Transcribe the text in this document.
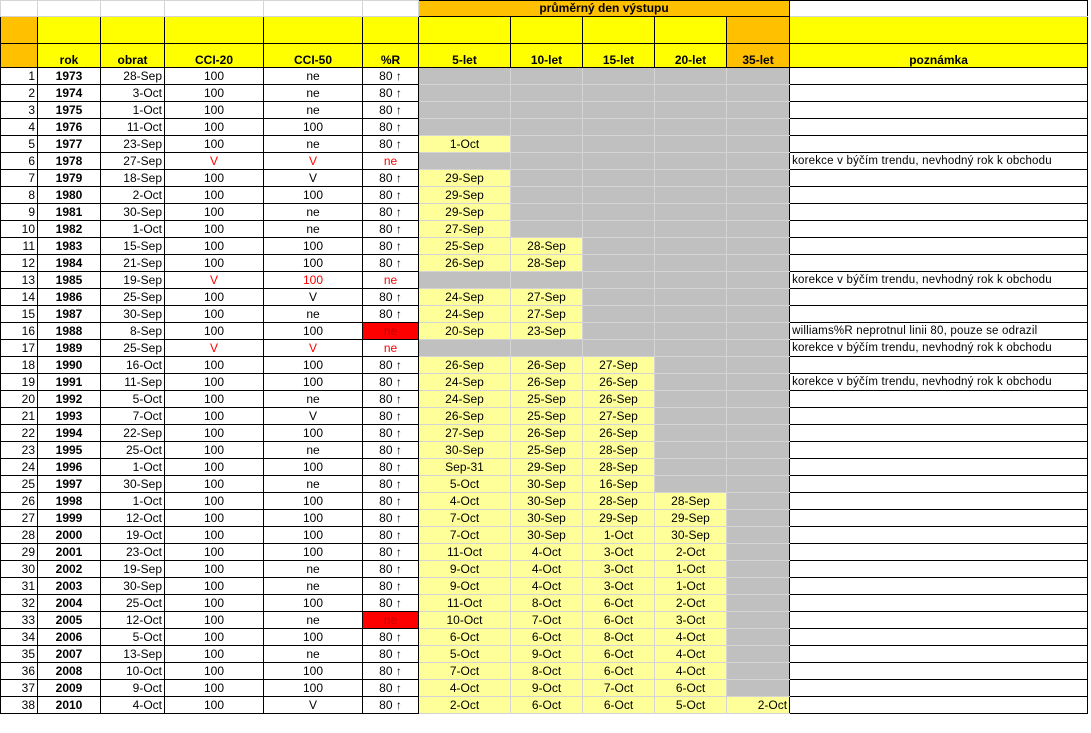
						průměrný den výstupu					

	rok	obrat	CCI-20	CCI-50	%R	5-let	10-let	15-let	20-let	35-let	poznámka
1	1973	28-Sep	100	ne	80 ↑						
2	1974	3-Oct	100	ne	80 ↑						
3	1975	1-Oct	100	ne	80 ↑						
4	1976	11-Oct	100	100	80 ↑						
5	1977	23-Sep	100	ne	80 ↑	1-Oct					
6	1978	27-Sep	V	V	ne						korekce v býčím trendu, nevhodný rok k obchodu
7	1979	18-Sep	100	V	80 ↑	29-Sep					
8	1980	2-Oct	100	100	80 ↑	29-Sep					
9	1981	30-Sep	100	ne	80 ↑	29-Sep					
10	1982	1-Oct	100	ne	80 ↑	27-Sep					
11	1983	15-Sep	100	100	80 ↑	25-Sep	28-Sep				
12	1984	21-Sep	100	100	80 ↑	26-Sep	28-Sep				
13	1985	19-Sep	V	100	ne						korekce v býčím trendu, nevhodný rok k obchodu
14	1986	25-Sep	100	V	80 ↑	24-Sep	27-Sep				
15	1987	30-Sep	100	ne	80 ↑	24-Sep	27-Sep				
16	1988	8-Sep	100	100	ne	20-Sep	23-Sep				williams%R neprotnul linii 80, pouze se odrazil
17	1989	25-Sep	V	V	ne						korekce v býčím trendu, nevhodný rok k obchodu
18	1990	16-Oct	100	100	80 ↑	26-Sep	26-Sep	27-Sep			
19	1991	11-Sep	100	100	80 ↑	24-Sep	26-Sep	26-Sep			korekce v býčím trendu, nevhodný rok k obchodu
20	1992	5-Oct	100	ne	80 ↑	24-Sep	25-Sep	26-Sep			
21	1993	7-Oct	100	V	80 ↑	26-Sep	25-Sep	27-Sep			
22	1994	22-Sep	100	100	80 ↑	27-Sep	26-Sep	26-Sep			
23	1995	25-Oct	100	ne	80 ↑	30-Sep	25-Sep	28-Sep			
24	1996	1-Oct	100	100	80 ↑	Sep-31	29-Sep	28-Sep			
25	1997	30-Sep	100	ne	80 ↑	5-Oct	30-Sep	16-Sep			
26	1998	1-Oct	100	100	80 ↑	4-Oct	30-Sep	28-Sep	28-Sep		
27	1999	12-Oct	100	100	80 ↑	7-Oct	30-Sep	29-Sep	29-Sep		
28	2000	19-Oct	100	100	80 ↑	7-Oct	30-Sep	1-Oct	30-Sep		
29	2001	23-Oct	100	100	80 ↑	11-Oct	4-Oct	3-Oct	2-Oct		
30	2002	19-Sep	100	ne	80 ↑	9-Oct	4-Oct	3-Oct	1-Oct		
31	2003	30-Sep	100	ne	80 ↑	9-Oct	4-Oct	3-Oct	1-Oct		
32	2004	25-Oct	100	100	80 ↑	11-Oct	8-Oct	6-Oct	2-Oct		
33	2005	12-Oct	100	ne	ne	10-Oct	7-Oct	6-Oct	3-Oct		
34	2006	5-Oct	100	100	80 ↑	6-Oct	6-Oct	8-Oct	4-Oct		
35	2007	13-Sep	100	ne	80 ↑	5-Oct	9-Oct	6-Oct	4-Oct		
36	2008	10-Oct	100	100	80 ↑	7-Oct	8-Oct	6-Oct	4-Oct		
37	2009	9-Oct	100	100	80 ↑	4-Oct	9-Oct	7-Oct	6-Oct		
38	2010	4-Oct	100	V	80 ↑	2-Oct	6-Oct	6-Oct	5-Oct	2-Oct	
